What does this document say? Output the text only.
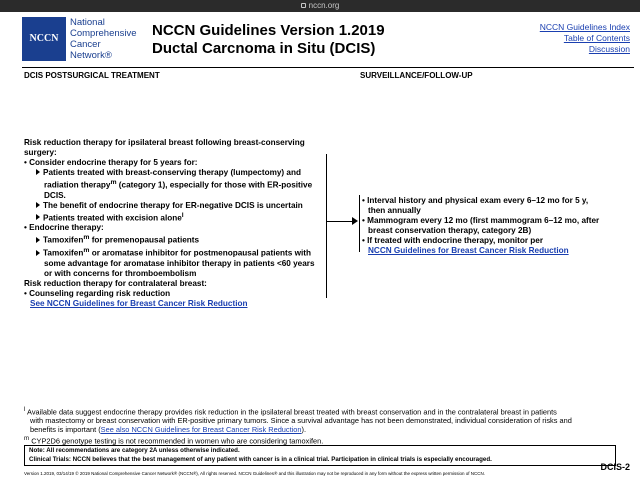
nccn.org
NCCN
National
Comprehensive
Cancer
Network®
NCCN Guidelines Version 1.2019
Ductal Carcnoma in Situ (DCIS)
NCCN Guidelines Index
Table of Contents
Discussion
DCIS POSTSURGICAL TREATMENT	SURVEILLANCE/FOLLOW-UP
Risk reduction therapy for ipsilateral breast following breast-conserving
surgery:
• Consider endocrine therapy for 5 years for:
Patients treated with breast-conserving therapy (lumpectomy) and
radiation therapy$^m$ (category 1), especially for those with ER-positive
DCIS.
The benefit of endocrine therapy for ER-negative DCIS is uncertain
Patients treated with excision alone$^l$
• Endocrine therapy:
Tamoxifen$^m$ for premenopausal patients
Tamoxifen$^m$ or aromatase inhibitor for postmenopausal patients with
some advantage for aromatase inhibitor therapy in patients <60 years
or with concerns for thromboembolism
Risk reduction therapy for contralateral breast:
• Counseling regarding risk reduction
See NCCN Guidelines for Breast Cancer Risk Reduction
• Interval history and physical exam every 6–12 mo for 5 y,
then annually
• Mammogram every 12 mo (first mammogram 6–12 mo, after
breast conservation therapy, category 2B)
• If treated with endocrine therapy, monitor per
NCCN Guidelines for Breast Cancer Risk Reduction
$^l$ Available data suggest endocrine therapy provides risk reduction in the ipsilateral breast treated with breast conservation and in the contralateral breast in patients
with mastectomy or breast conservation with ER-positive primary tumors. Since a survival advantage has not been demonstrated, individual consideration of risks and
benefits is important (See also NCCN Guidelines for Breast Cancer Risk Reduction).
$^m$ CYP2D6 genotype testing is not recommended in women who are considering tamoxifen.
Note: All recommendations are category 2A unless otherwise indicated.
Clinical Trials: NCCN believes that the best management of any patient with cancer is in a clinical trial. Participation in clinical trials is especially encouraged.
Version 1.2019, 03/14/19 © 2019 National Comprehensive Cancer Network® (NCCN®), All rights reserved. NCCN Guidelines® and this illustration may not be reproduced in any form without the express written permission of NCCN.
DCIS-2
